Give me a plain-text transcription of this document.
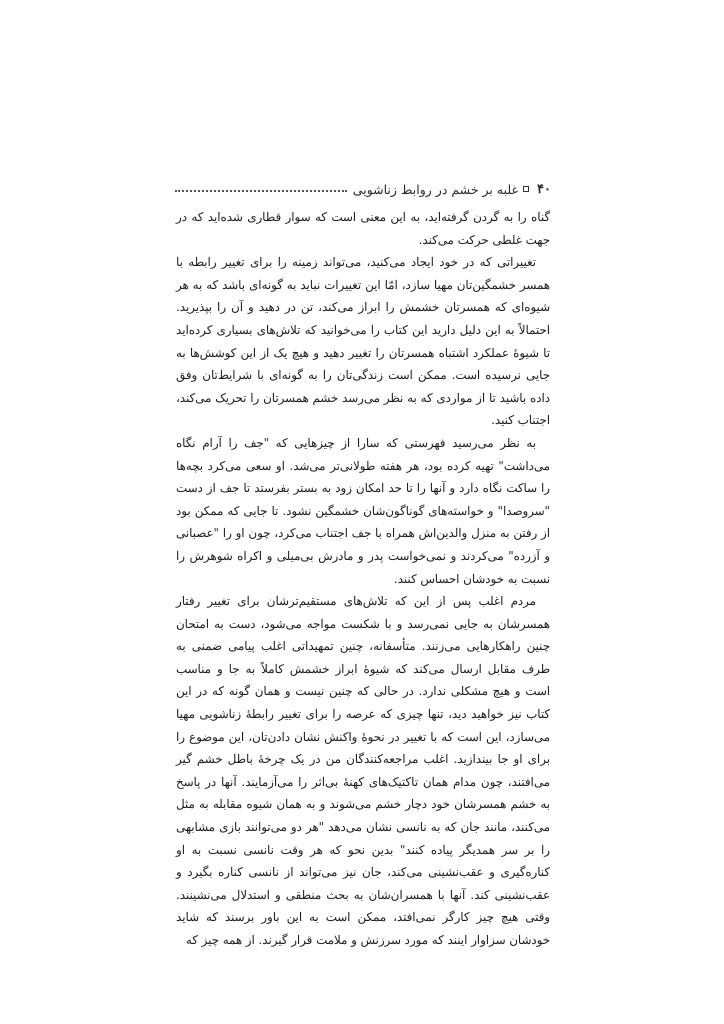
۴۰
غلبه بر خشم در روابط زناشویی

گناه را به گردن گرفته‌اید، به این معنی است که سوار قطاری شده‌اید که در جهت غلطی حرکت می‌کند.

تغییراتی که در خود ایجاد می‌کنید، می‌تواند زمینه را برای تغییر رابطه با همسر خشمگین‌تان مهیا سازد، امّا این تغییرات نباید به گونه‌ای باشد که به هر شیوه‌ای که همسرتان خشمش را ابراز می‌کند، تن در دهید و آن را بپذیرید. احتمالاً به این دلیل دارید این کتاب را می‌خوانید که تلاش‌های بسیاری کرده‌اید تا شیوهٔ عملکرد اشتباه همسرتان را تغییر دهید و هیچ یک از این کوشش‌ها به جایی نرسیده است. ممکن است زندگی‌تان را به گونه‌ای با شرایط‌تان وفق داده باشید تا از مواردی که به نظر می‌رسد خشم همسرتان را تحریک می‌کند، اجتناب کنید.

به نظر می‌رسید فهرستی که سارا از چیزهایی که "جف را آرام نگاه می‌داشت" تهیه کرده بود، هر هفته طولانی‌تر می‌شد. او سعی می‌کرد بچه‌ها را ساکت نگاه دارد و آنها را تا حد امکان زود به بستر بفرستد تا جف از دست "سروصدا" و خواسته‌های گوناگون‌شان خشمگین نشود. تا جایی که ممکن بود از رفتن به منزل والدین‌اش همراه با جف اجتناب می‌کرد، چون او را "عصبانی و آزرده" می‌کردند و نمی‌خواست پدر و مادرش بی‌میلی و اکراه شوهرش را نسبت به خودشان احساس کنند.

مردم اغلب پس از این که تلاش‌های مستقیم‌ترشان برای تغییر رفتار همسرشان به جایی نمی‌رسد و با شکست مواجه می‌شود، دست به امتحان چنین راهکارهایی می‌زنند. متأسفانه، چنین تمهیداتی اغلب پیامی ضمنی به طرف مقابل ارسال می‌کند که شیوهٔ ابراز خشمش کاملاً به جا و مناسب است و هیچ مشکلی ندارد. در حالی که چنین نیست و همان گونه که در این کتاب نیز خواهید دید، تنها چیزی که عرصه را برای تغییر رابطهٔ زناشویی مهیا می‌سازد، این است که با تغییر در نحوهٔ واکنش نشان دادن‌تان، این موضوع را برای او جا بیندازید. اغلب مراجعه‌کنندگان من در یک چرخهٔ باطل خشم گیر می‌افتند، چون مدام همان تاکتیک‌های کهنهٔ بی‌اثر را می‌آزمایند. آنها در پاسخ به خشم همسرشان خود دچار خشم می‌شوند و به همان شیوه مقابله به مثل می‌کنند، مانند جان که به نانسی نشان می‌دهد "هر دو می‌توانند بازی مشابهی را بر سر همدیگر پیاده کنند" بدین نحو که هر وقت نانسی نسبت به او کناره‌گیری و عقب‌نشینی می‌کند، جان نیز می‌تواند از نانسی کناره بگیرد و عقب‌نشینی کند. آنها با همسران‌شان به بحث منطقی و استدلال می‌نشینند. وقتی هیچ چیز کارگر نمی‌افتد، ممکن است به این باور برسند که شاید خودشان سزاوار اینند که مورد سرزنش و ملامت قرار گیرند. از همه چیز که
